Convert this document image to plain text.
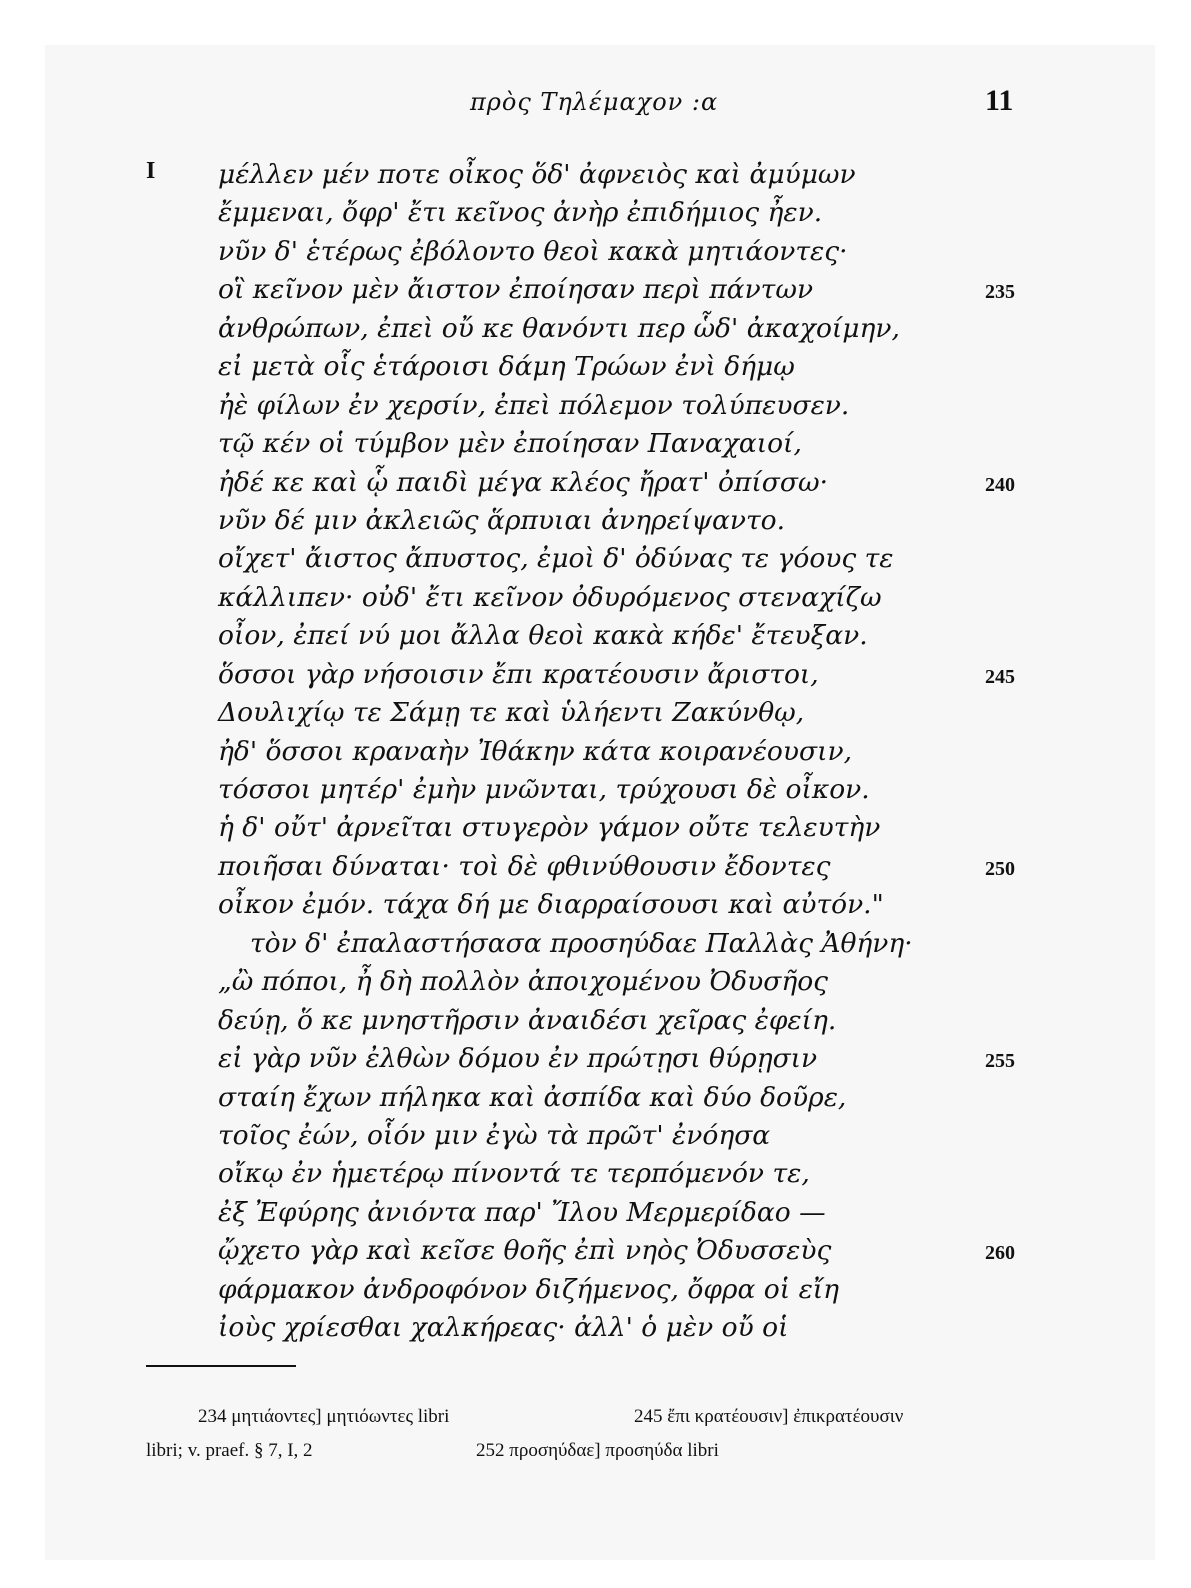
πρὸς Τηλέμαχον :α	11
I μέλλεν μέν ποτε οἶκος ὅδ' ἀφνειὸς καὶ ἀμύμων
ἔμμεναι, ὄφρ' ἔτι κεῖνος ἀνὴρ ἐπιδήμιος ἦεν.
νῦν δ' ἑτέρως ἐβόλοντο θεοὶ κακὰ μητιάοντες·
οἳ κεῖνον μὲν ἄιστον ἐποίησαν περὶ πάντων	235
ἀνθρώπων, ἐπεὶ οὔ κε θανόντι περ ὧδ' ἀκαχοίμην,
εἰ μετὰ οἷς ἑτάροισι δάμη Τρώων ἐνὶ δήμῳ
ἠὲ φίλων ἐν χερσίν, ἐπεὶ πόλεμον τολύπευσεν.
τῷ κέν οἱ τύμβον μὲν ἐποίησαν Παναχαιοί,
ἠδέ κε καὶ ᾧ παιδὶ μέγα κλέος ἤρατ' ὀπίσσω·	240
νῦν δέ μιν ἀκλειῶς ἅρπυιαι ἀνηρείψαντο.
οἴχετ' ἄιστος ἄπυστος, ἐμοὶ δ' ὀδύνας τε γόους τε
κάλλιπεν· οὐδ' ἔτι κεῖνον ὀδυρόμενος στεναχίζω
οἶον, ἐπεί νύ μοι ἄλλα θεοὶ κακὰ κήδε' ἔτευξαν.
ὅσσοι γὰρ νήσοισιν ἔπι κρατέουσιν ἄριστοι,	245
Δουλιχίῳ τε Σάμῃ τε καὶ ὑλήεντι Ζακύνθῳ,
ἠδ' ὅσσοι κραναὴν Ἰθάκην κάτα κοιρανέουσιν,
τόσσοι μητέρ' ἐμὴν μνῶνται, τρύχουσι δὲ οἶκον.
ἡ δ' οὔτ' ἀρνεῖται στυγερὸν γάμον οὔτε τελευτὴν
ποιῆσαι δύναται· τοὶ δὲ φθινύθουσιν ἔδοντες	250
οἶκον ἐμόν. τάχα δή με διαρραίσουσι καὶ αὐτόν."
τὸν δ' ἐπαλαστήσασα προσηύδαε Παλλὰς Ἀθήνη·
„ὢ πόποι, ἦ δὴ πολλὸν ἀποιχομένου Ὀδυσῆος
δεύῃ, ὅ κε μνηστῆρσιν ἀναιδέσι χεῖρας ἐφείη.
εἰ γὰρ νῦν ἐλθὼν δόμου ἐν πρώτῃσι θύρῃσιν	255
σταίη ἔχων πήληκα καὶ ἀσπίδα καὶ δύο δοῦρε,
τοῖος ἐών, οἷόν μιν ἐγὼ τὰ πρῶτ' ἐνόησα
οἴκῳ ἐν ἡμετέρῳ πίνοντά τε τερπόμενόν τε,
ἐξ Ἐφύρης ἀνιόντα παρ' Ἴλου Μερμερίδαο —
ᾤχετο γὰρ καὶ κεῖσε θοῆς ἐπὶ νηὸς Ὀδυσσεὺς	260
φάρμακον ἀνδροφόνον διζήμενος, ὄφρα οἱ εἴη
ἰοὺς χρίεσθαι χαλκήρεας· ἀλλ' ὁ μὲν οὔ οἱ
234 μητιάοντες] μητιόωντες libri	245 ἔπι κρατέουσιν] ἐπικρατέουσιν
libri; v. praef. § 7, I, 2	252 προσηύδαε] προσηύδα libri
